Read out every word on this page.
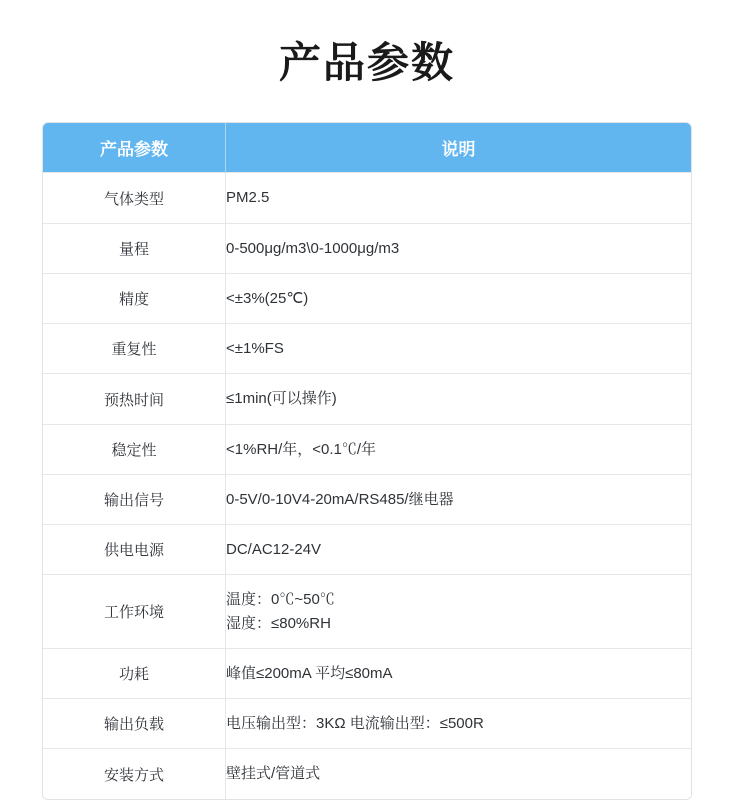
产品参数
产品参数	说明
气体类型	PM2.5

量程	0-500μg/m3\0-1000μg/m3

精度	<±3%(25℃)

重复性	<±1%FS

预热时间	≤1min(可以操作)

稳定性	<1%RH/年，<0.1℃/年

输出信号	0-5V/0-10V4-20mA/RS485/继电器

供电电源	DC/AC12-24V

工作环境	温度：0℃~50℃
湿度：≤80%RH

功耗	峰值≤200mA 平均≤80mA

输出负载	电压输出型：3KΩ 电流输出型：≤500R

安装方式	壁挂式/管道式
